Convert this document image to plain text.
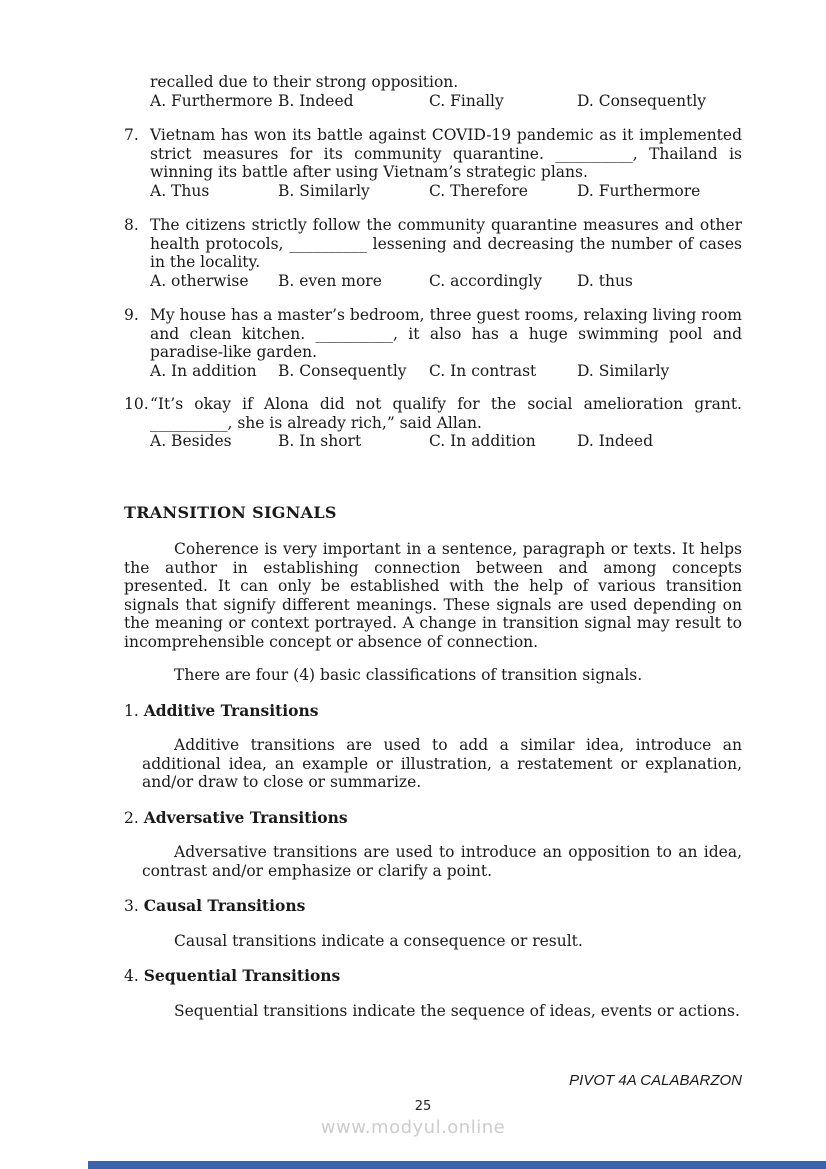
recalled due to their strong opposition.
A. Furthermore B. Indeed	C. Finally	D. Consequently
7. Vietnam has won its battle against COVID-19 pandemic as it implemented strict measures for its community quarantine. __________, Thailand is winning its battle after using Vietnam’s strategic plans.
A. Thus	B. Similarly	C. Therefore	D. Furthermore
8. The citizens strictly follow the community quarantine measures and other health protocols, __________ lessening and decreasing the number of cases in the locality.
A. otherwise	B. even more	C. accordingly	D. thus
9. My house has a master’s bedroom, three guest rooms, relaxing living room and clean kitchen. __________, it also has a huge swimming pool and paradise-like garden.
A. In addition	B. Consequently	C. In contrast	D. Similarly
10. “It’s okay if Alona did not qualify for the social amelioration grant. __________, she is already rich,” said Allan.
A. Besides	B. In short	C. In addition	D. Indeed
TRANSITION SIGNALS

Coherence is very important in a sentence, paragraph or texts. It helps the author in establishing connection between and among concepts presented. It can only be established with the help of various transition signals that signify different meanings. These signals are used depending on the meaning or context portrayed. A change in transition signal may result to incomprehensible concept or absence of connection.

There are four (4) basic classifications of transition signals.

1. Additive Transitions

Additive transitions are used to add a similar idea, introduce an additional idea, an example or illustration, a restatement or explanation, and/or draw to close or summarize.

2. Adversative Transitions

Adversative transitions are used to introduce an opposition to an idea, contrast and/or emphasize or clarify a point.

3. Causal Transitions

Causal transitions indicate a consequence or result.

4. Sequential Transitions

Sequential transitions indicate the sequence of ideas, events or actions.

PIVOT 4A CALABARZON
25
www.modyul.online
